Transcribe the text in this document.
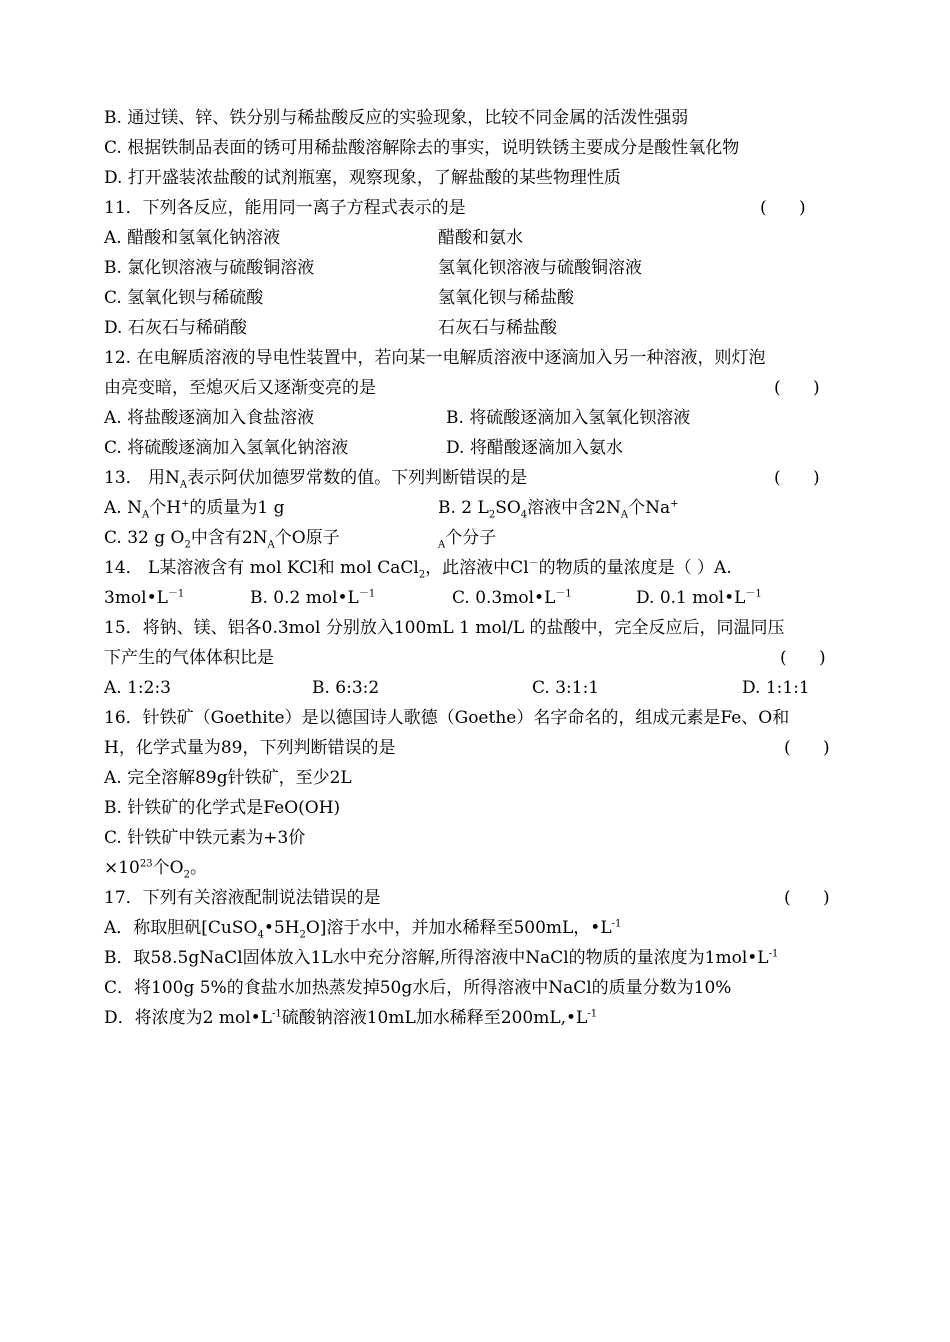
B. 通过镁、锌、铁分别与稀盐酸反应的实验现象，比较不同金属的活泼性强弱
C. 根据铁制品表面的锈可用稀盐酸溶解除去的事实，说明铁锈主要成分是酸性氧化物
D. 打开盛装浓盐酸的试剂瓶塞，观察现象，了解盐酸的某些物理性质
11．下列各反应，能用同一离子方程式表示的是	(      )
A. 醋酸和氢氧化钠溶液	醋酸和氨水
B. 氯化钡溶液与硫酸铜溶液	氢氧化钡溶液与硫酸铜溶液
C. 氢氧化钡与稀硫酸	氢氧化钡与稀盐酸
D. 石灰石与稀硝酸	石灰石与稀盐酸
12. 在电解质溶液的导电性装置中，若向某一电解质溶液中逐滴加入另一种溶液，则灯泡
由亮变暗，至熄灭后又逐渐变亮的是	(      )
A. 将盐酸逐滴加入食盐溶液	B. 将硫酸逐滴加入氢氧化钡溶液
C. 将硫酸逐滴加入氢氧化钠溶液	D. 将醋酸逐滴加入氨水
13． 用$N_A$表示阿伏加德罗常数的值。下列判断错误的是	(      )
A. $N_A$个H+的质量为1 g	B. 2 $L_2SO_4$溶液中含$2N_A$个Na+
C. 32 g $O_2$中含有$2N_A$个O原子	$_A$个分子
14． L某溶液含有 mol KCl和 mol CaCl$_2$，此溶液中Cl－的物质的量浓度是（ ）A.
$3mol•L^{-1}$	B. 0.2 $mol•L^{-1}$	C. $0.3mol•L^{-1}$	D. 0.1 $mol•L^{-1}$
15．将钠、镁、铝各0.3mol 分别放入100mL 1 mol/L 的盐酸中，完全反应后，同温同压
下产生的气体体积比是	(      )
A. 1:2:3	B. 6:3:2	C. 3:1:1	D. 1:1:1
16．针铁矿（Goethite）是以德国诗人歌德（Goethe）名字命名的，组成元素是Fe、O和
H，化学式量为89，下列判断错误的是	(      )
A. 完全溶解89g针铁矿，至少2L
B. 针铁矿的化学式是FeO(OH)
C. 针铁矿中铁元素为+3价
$\times 10^{23}$个$O_2$。
17．下列有关溶液配制说法错误的是	(      )
A．称取胆矾$[CuSO_4•5H_2O]$溶于水中，并加水稀释至500mL，$•L^{-1}$
B．取58.5gNaCl固体放入1L水中充分溶解,所得溶液中NaCl的物质的量浓度为$1mol•L^{-1}$
C．将100g 5%的食盐水加热蒸发掉50g水后，所得溶液中NaCl的质量分数为10%
D．将浓度为2 $mol•L^{-1}$硫酸钠溶液10mL加水稀释至$200mL,•L^{-1}$
